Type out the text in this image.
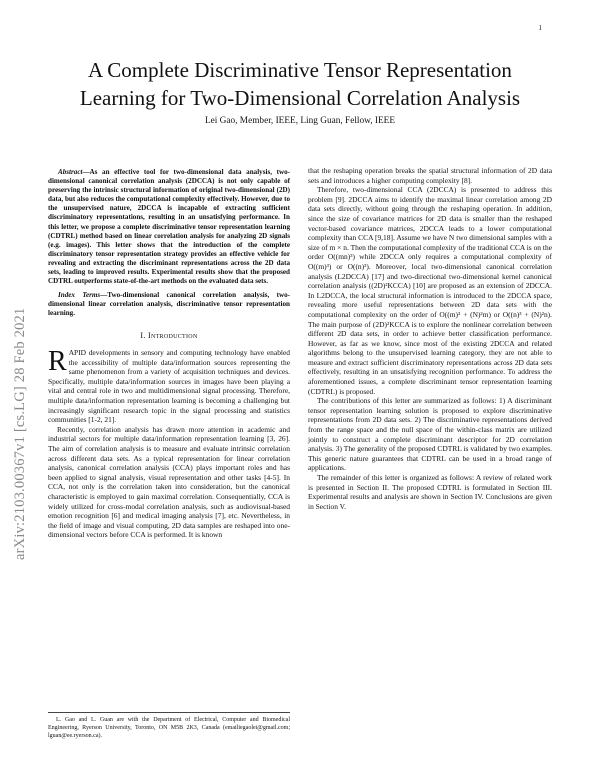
1
arXiv:2103.00367v1 [cs.LG] 28 Feb 2021
A Complete Discriminative Tensor Representation Learning for Two-Dimensional Correlation Analysis
Lei Gao, Member, IEEE, Ling Guan, Fellow, IEEE

Abstract—As an effective tool for two-dimensional data analysis, two-dimensional canonical correlation analysis (2DCCA) is not only capable of preserving the intrinsic structural information of original two-dimensional (2D) data, but also reduces the computational complexity effectively. However, due to the unsupervised nature, 2DCCA is incapable of extracting sufficient discriminatory representations, resulting in an unsatisfying performance. In this letter, we propose a complete discriminative tensor representation learning (CDTRL) method based on linear correlation analysis for analyzing 2D signals (e.g. images). This letter shows that the introduction of the complete discriminatory tensor representation strategy provides an effective vehicle for revealing and extracting the discriminant representations across the 2D data sets, leading to improved results. Experimental results show that the proposed CDTRL outperforms state-of-the-art methods on the evaluated data sets.

Index Terms—Two-dimensional canonical correlation analysis, two-dimensional linear correlation analysis, discriminative tensor representation learning.

I. Introduction

RAPID developments in sensory and computing technology have enabled the accessibility of multiple data/information sources representing the same phenomenon from a variety of acquisition techniques and devices. Specifically, multiple data/information sources in images have been playing a vital and central role in two and multidimensional signal processing. Therefore, multiple data/information representation learning is becoming a challenging but increasingly significant research topic in the signal processing and statistics communities [1-2, 21].

Recently, correlation analysis has drawn more attention in academic and industrial sectors for multiple data/information representation learning [3, 26]. The aim of correlation analysis is to measure and evaluate intrinsic correlation across different data sets. As a typical representation for linear correlation analysis, canonical correlation analysis (CCA) plays important roles and has been applied to signal analysis, visual representation and other tasks [4-5]. In CCA, not only is the correlation taken into consideration, but the canonical characteristic is employed to gain maximal correlation. Consequentially, CCA is widely utilized for cross-modal correlation analysis, such as audiovisual-based emotion recognition [6] and medical imaging analysis [7], etc. Nevertheless, in the field of image and visual computing, 2D data samples are reshaped into one-dimensional vectors before CCA is performed. It is known

that the reshaping operation breaks the spatial structural information of 2D data sets and introduces a higher computing complexity [8].

Therefore, two-dimensional CCA (2DCCA) is presented to address this problem [9]. 2DCCA aims to identify the maximal linear correlation among 2D data sets directly, without going through the reshaping operation. In addition, since the size of covariance matrices for 2D data is smaller than the reshaped vector-based covariance matrices, 2DCCA leads to a lower computational complexity than CCA [9,18]. Assume we have N two dimensional samples with a size of m × n. Then the computational complexity of the traditional CCA is on the order O((mn)³) while 2DCCA only requires a computational complexity of O((m)³) or O((n)³). Moreover, local two-dimensional canonical correlation analysis (L2DCCA) [17] and two-directional two-dimensional kernel canonical correlation analysis ((2D)²KCCA) [10] are proposed as an extension of 2DCCA. In L2DCCA, the local structural information is introduced to the 2DCCA space, revealing more useful representations between 2D data sets with the computational complexity on the order of O((m)³ + (N)²m) or O((n)³ + (N)²n). The main purpose of (2D)²KCCA is to explore the nonlinear correlation between different 2D data sets, in order to achieve better classification performance. However, as far as we know, since most of the existing 2DCCA and related algorithms belong to the unsupervised learning category, they are not able to measure and extract sufficient discriminatory representations across 2D data sets effectively, resulting in an unsatisfying recognition performance. To address the aforementioned issues, a complete discriminant tensor representation learning (CDTRL) is proposed.

The contributions of this letter are summarized as follows: 1) A discriminant tensor representation learning solution is proposed to explore discriminative representations from 2D data sets. 2) The discriminative representations derived from the range space and the null space of the within-class matrix are utilized jointly to construct a complete discriminant descriptor for 2D correlation analysis. 3) The generality of the proposed CDTRL is validated by two examples. This generic nature guarantees that CDTRL can be used in a broad range of applications.

The remainder of this letter is organized as follows: A review of related work is presented in Section II. The proposed CDTRL is formulated in Section III. Experimental results and analysis are shown in Section IV. Conclusions are given in Section V.

L. Gao and L. Guan are with the Department of Electrical, Computer and Biomedical Engineering, Ryerson University, Toronto, ON M5B 2K3, Canada (emailiegaolei@gmail.com; lguan@ee.ryerson.ca).
